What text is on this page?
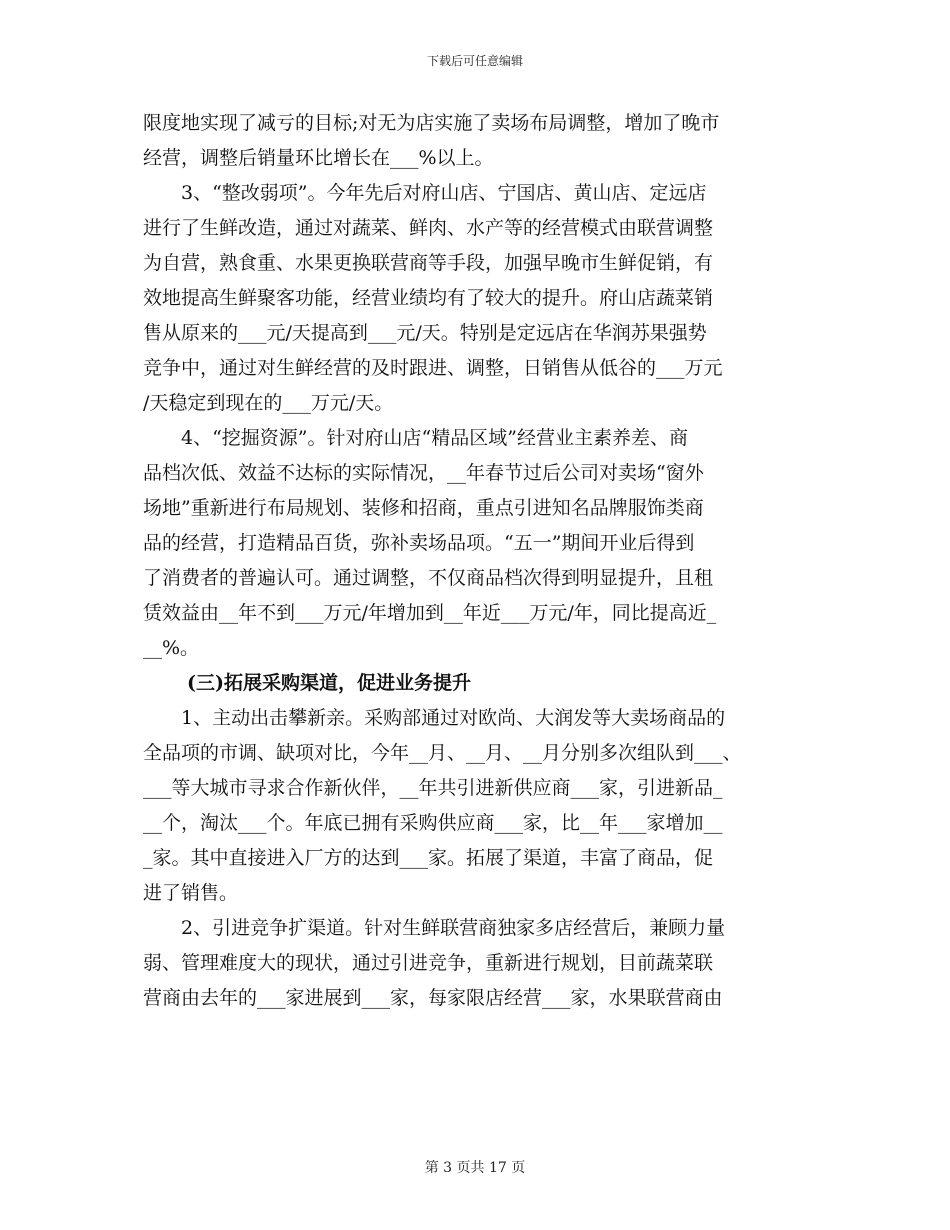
下载后可任意编辑
限度地实现了减亏的目标;对无为店实施了卖场布局调整，增加了晚市
经营，调整后销量环比增长在___%以上。
3、“整改弱项”。今年先后对府山店、宁国店、黄山店、定远店
进行了生鲜改造，通过对蔬菜、鲜肉、水产等的经营模式由联营调整
为自营，熟食重、水果更换联营商等手段，加强早晚市生鲜促销，有
效地提高生鲜聚客功能，经营业绩均有了较大的提升。府山店蔬菜销
售从原来的___元/天提高到___元/天。特别是定远店在华润苏果强势
竞争中，通过对生鲜经营的及时跟进、调整，日销售从低谷的___万元
/天稳定到现在的___万元/天。
4、“挖掘资源”。针对府山店“精品区域”经营业主素养差、商
品档次低、效益不达标的实际情况，__年春节过后公司对卖场“窗外
场地”重新进行布局规划、装修和招商，重点引进知名品牌服饰类商
品的经营，打造精品百货，弥补卖场品项。“五一”期间开业后得到
了消费者的普遍认可。通过调整，不仅商品档次得到明显提升，且租
赁效益由__年不到___万元/年增加到__年近___万元/年，同比提高近_
__%。
(三)拓展采购渠道，促进业务提升
1、主动出击攀新亲。采购部通过对欧尚、大润发等大卖场商品的
全品项的市调、缺项对比，今年__月、__月、__月分别多次组队到___、
___等大城市寻求合作新伙伴，__年共引进新供应商___家，引进新品_
__个，淘汰___个。年底已拥有采购供应商___家，比__年___家增加__
_家。其中直接进入厂方的达到___家。拓展了渠道，丰富了商品，促
进了销售。
2、引进竞争扩渠道。针对生鲜联营商独家多店经营后，兼顾力量
弱、管理难度大的现状，通过引进竞争，重新进行规划，目前蔬菜联
营商由去年的___家进展到___家，每家限店经营___家，水果联营商由
第 3 页共 17 页
